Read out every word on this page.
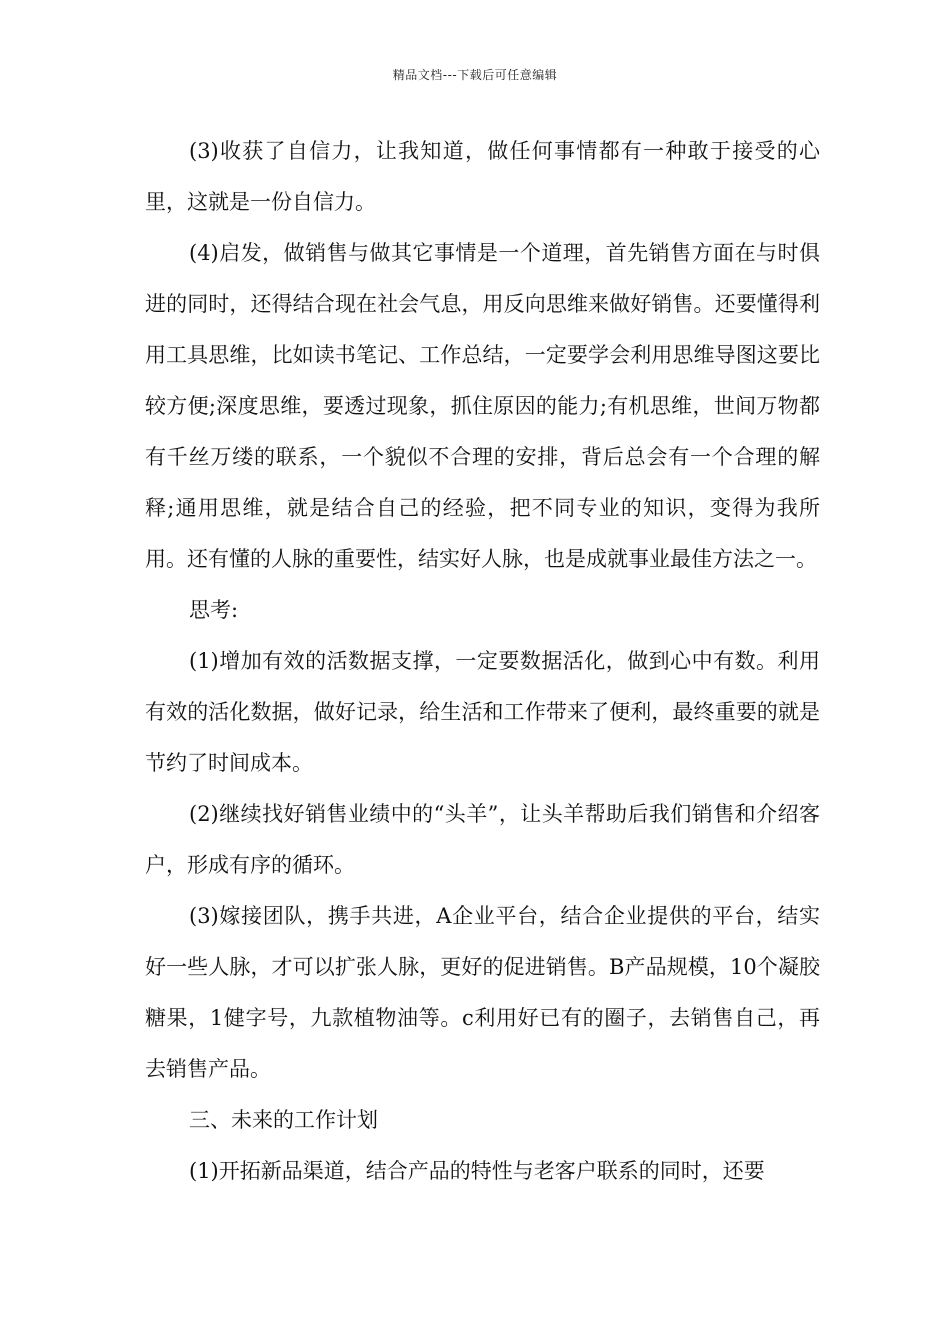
精品文档---下载后可任意编辑

(3)收获了自信力，让我知道，做任何事情都有一种敢于接受的心里，这就是一份自信力。

(4)启发，做销售与做其它事情是一个道理，首先销售方面在与时俱进的同时，还得结合现在社会气息，用反向思维来做好销售。还要懂得利用工具思维，比如读书笔记、工作总结，一定要学会利用思维导图这要比较方便;深度思维，要透过现象，抓住原因的能力;有机思维，世间万物都有千丝万缕的联系，一个貌似不合理的安排，背后总会有一个合理的解释;通用思维，就是结合自己的经验，把不同专业的知识，变得为我所用。还有懂的人脉的重要性，结实好人脉，也是成就事业最佳方法之一。

思考:

(1)增加有效的活数据支撑，一定要数据活化，做到心中有数。利用有效的活化数据，做好记录，给生活和工作带来了便利，最终重要的就是节约了时间成本。

(2)继续找好销售业绩中的“头羊”，让头羊帮助后我们销售和介绍客户，形成有序的循环。

(3)嫁接团队，携手共进，A企业平台，结合企业提供的平台，结实好一些人脉，才可以扩张人脉，更好的促进销售。B产品规模，10个凝胶糖果，1健字号，九款植物油等。c利用好已有的圈子，去销售自己，再去销售产品。

三、未来的工作计划

(1)开拓新品渠道，结合产品的特性与老客户联系的同时，还要
